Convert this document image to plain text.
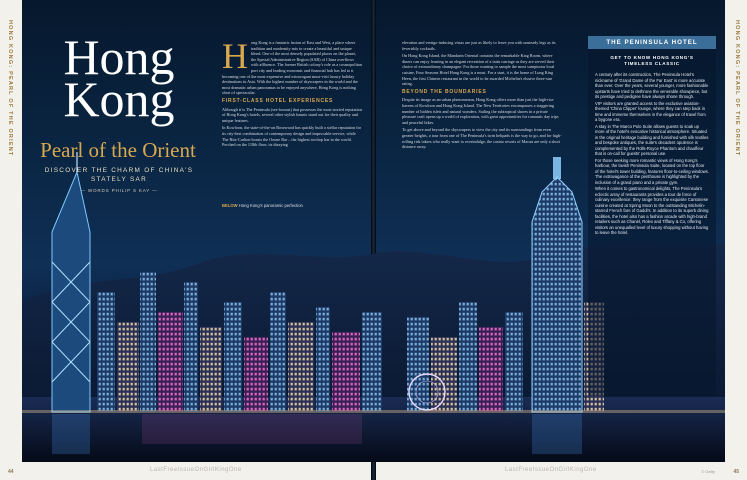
HONG KONG: PEARL OF THE ORIENT	HONG KONG: PEARL OF THE ORIENT
44	45
LastFreeIssueOnGirlKingOne	LastFreeIssueOnGirlKingOne	© Getty
Hong
Kong
Pearl of the Orient
DISCOVER THE CHARM OF CHINA'S STATELY SAR
— WORDS PHILIP S KAY —

Hong Kong is a fantastic fusion of East and West, a place where tradition and modernity mix to create a beautiful and unique blend. One of the most densely populated places on the planet, the Special Administrative Region (SAR) of China overflows with affluence. The former British colony's role as a cosmopolitan port city and leading economic and financial hub has led to it becoming one of the most expensive and extravagant must-visit luxury holiday destinations in Asia. With the highest number of skyscrapers in the world and the most dramatic urban panoramas to be enjoyed anywhere, Hong Kong is nothing short of spectacular.

FIRST-CLASS HOTEL EXPERIENCES

Although it is The Peninsula (see boxout) that possesses the most storied reputation of Hong Kong's hotels, several other stylish haunts stand out for their quality and unique features.

In Kowloon, the state-of-the-art Rosewood has quickly built a stellar reputation for its city-best combination of contemporary design and impeccable service, while The Ritz-Carlton boasts the Ozone Bar – the highest rooftop bar in the world. Perched on the 118th floor, its dizzying

BELOW Hong Kong's panoramic perfection

elevation and vertigo-inducing vistas are just as likely to leave you with unsteady legs as its feverishly cocktails.

On Hong Kong Island, the Mandarin Oriental contains the remarkable King Room, where diners can enjoy feasting in an elegant recreation of a train carriage as they are served their choice of extraordinary champagne. For those wanting to sample the most sumptuous local cuisine, Four Seasons Hotel Hong Kong is a must. For a start, it is the home of Lung King Heen, the first Chinese restaurant in the world to be awarded Michelin's elusive three-star rating.

BEYOND THE BOUNDARIES

Despite its image as an urban phenomenon, Hong Kong offers more than just the high-rise havens of Kowloon and Hong Kong Island. The New Territories encompasses a staggering number of hidden islets and natural wonders. Sailing the subtropical shores in a private pleasure craft opens up a world of exploration, with great opportunities for romantic day trips and peaceful hikes.

To get above and beyond the skyscrapers to view the city and its surroundings from even greater heights, a tour from one of The Peninsula's twin helipads is the way to go, and for high-rolling risk takers who really want to overindulge, the casino resorts of Macau are only a short distance away.

THE PENINSULA HOTEL
GET TO KNOW HONG KONG'S TIMELESS CLASSIC

A century after its construction, The Peninsula Hotel's nickname of 'Grand Dame of the Far East' is more accurate than ever. Over the years, several younger, more fashionable upstarts have tried to dethrone the venerable showpiece, but its prestige and pedigree have always shone through.

VIP visitors are granted access to the exclusive aviation-themed 'China Clipper' lounge, where they can step back in time and immerse themselves in the elegance of travel from a bygone era.

A stay in The Marco Polo Suite allows guests to soak up more of the hotel's evocative historical atmosphere. Situated in the original heritage building and furnished with silk textiles and bespoke antiques, the suite's decadent opulence is complemented by the Rolls-Royce Phantom and chauffeur that is on-call for guests' personal use.

For those seeking more romantic views of Hong Kong's harbour, the lavish Peninsula Suite, located on the top floor of the hotel's tower building, features floor-to-ceiling windows. The extravagance of the penthouse is highlighted by the inclusion of a grand piano and a private gym.

When it comes to gastronomical delights, The Peninsula's eclectic array of restaurants provides a tour de force of culinary excellence: they range from the exquisite Cantonese cuisine created at Spring Moon to the outstanding Michelin-starred French fare of Gaddi's. In addition to its superb dining facilities, the hotel also has a fashion arcade with high-brand retailers such as Chanel, Rolex and Tiffany & Co, offering visitors an unequalled level of luxury shopping without having to leave the hotel.
